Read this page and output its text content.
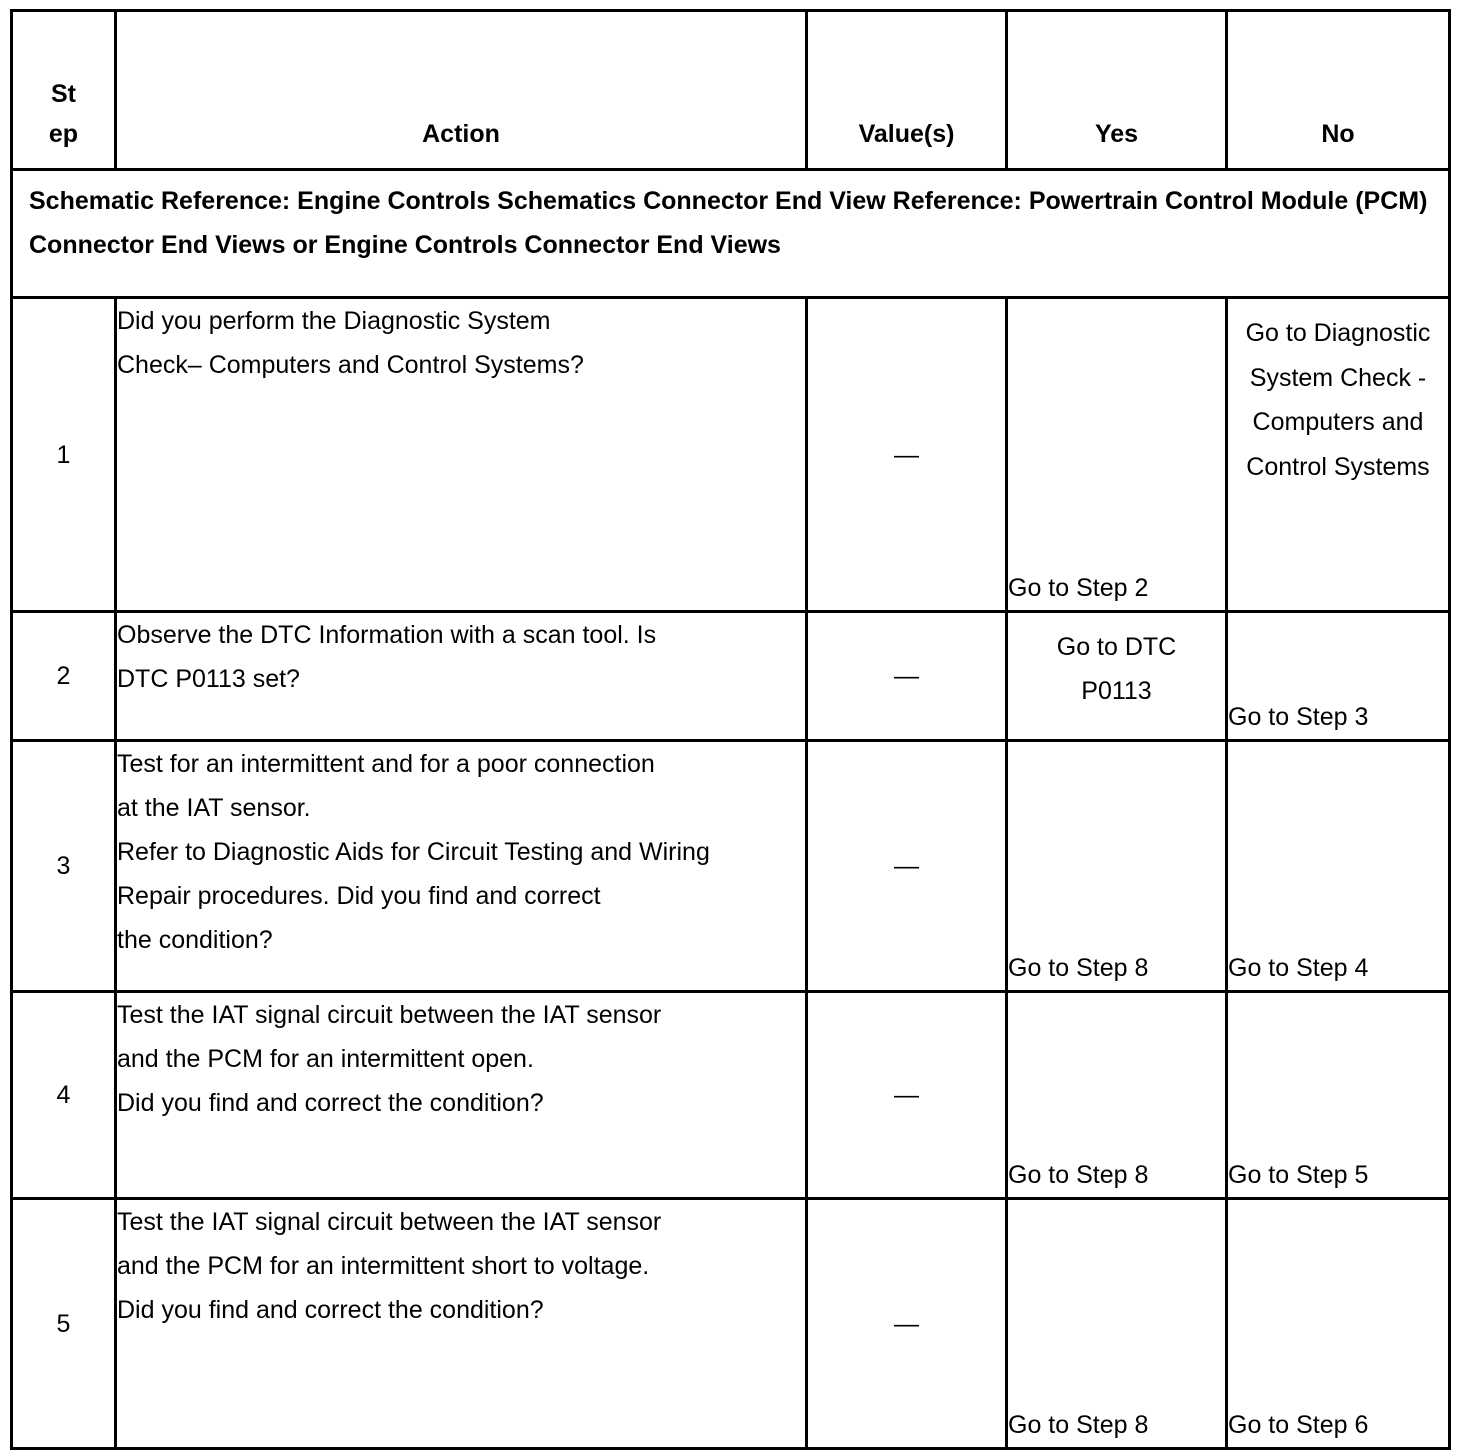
Step	Action	Value(s)	Yes	No
Schematic Reference: Engine Controls Schematics Connector End View Reference: Powertrain Control Module (PCM) Connector End Views or Engine Controls Connector End Views				
1	Did you perform the Diagnostic System

Check– Computers and Control Systems?	—	Go to Step 2	Go to Diagnostic System Check - Computers and Control Systems
2	Observe the DTC Information with a scan tool. Is

DTC P0113 set?	—	Go to DTC P0113	Go to Step 3
3	Test for an intermittent and for a poor connection

at the IAT sensor.

Refer to Diagnostic Aids for Circuit Testing and Wiring

Repair procedures. Did you find and correct

the condition?	—	Go to Step 8	Go to Step 4
4	Test the IAT signal circuit between the IAT sensor

and the PCM for an intermittent open.

Did you find and correct the condition?	—	Go to Step 8	Go to Step 5
5	Test the IAT signal circuit between the IAT sensor

and the PCM for an intermittent short to voltage.

Did you find and correct the condition?	—	Go to Step 8	Go to Step 6
